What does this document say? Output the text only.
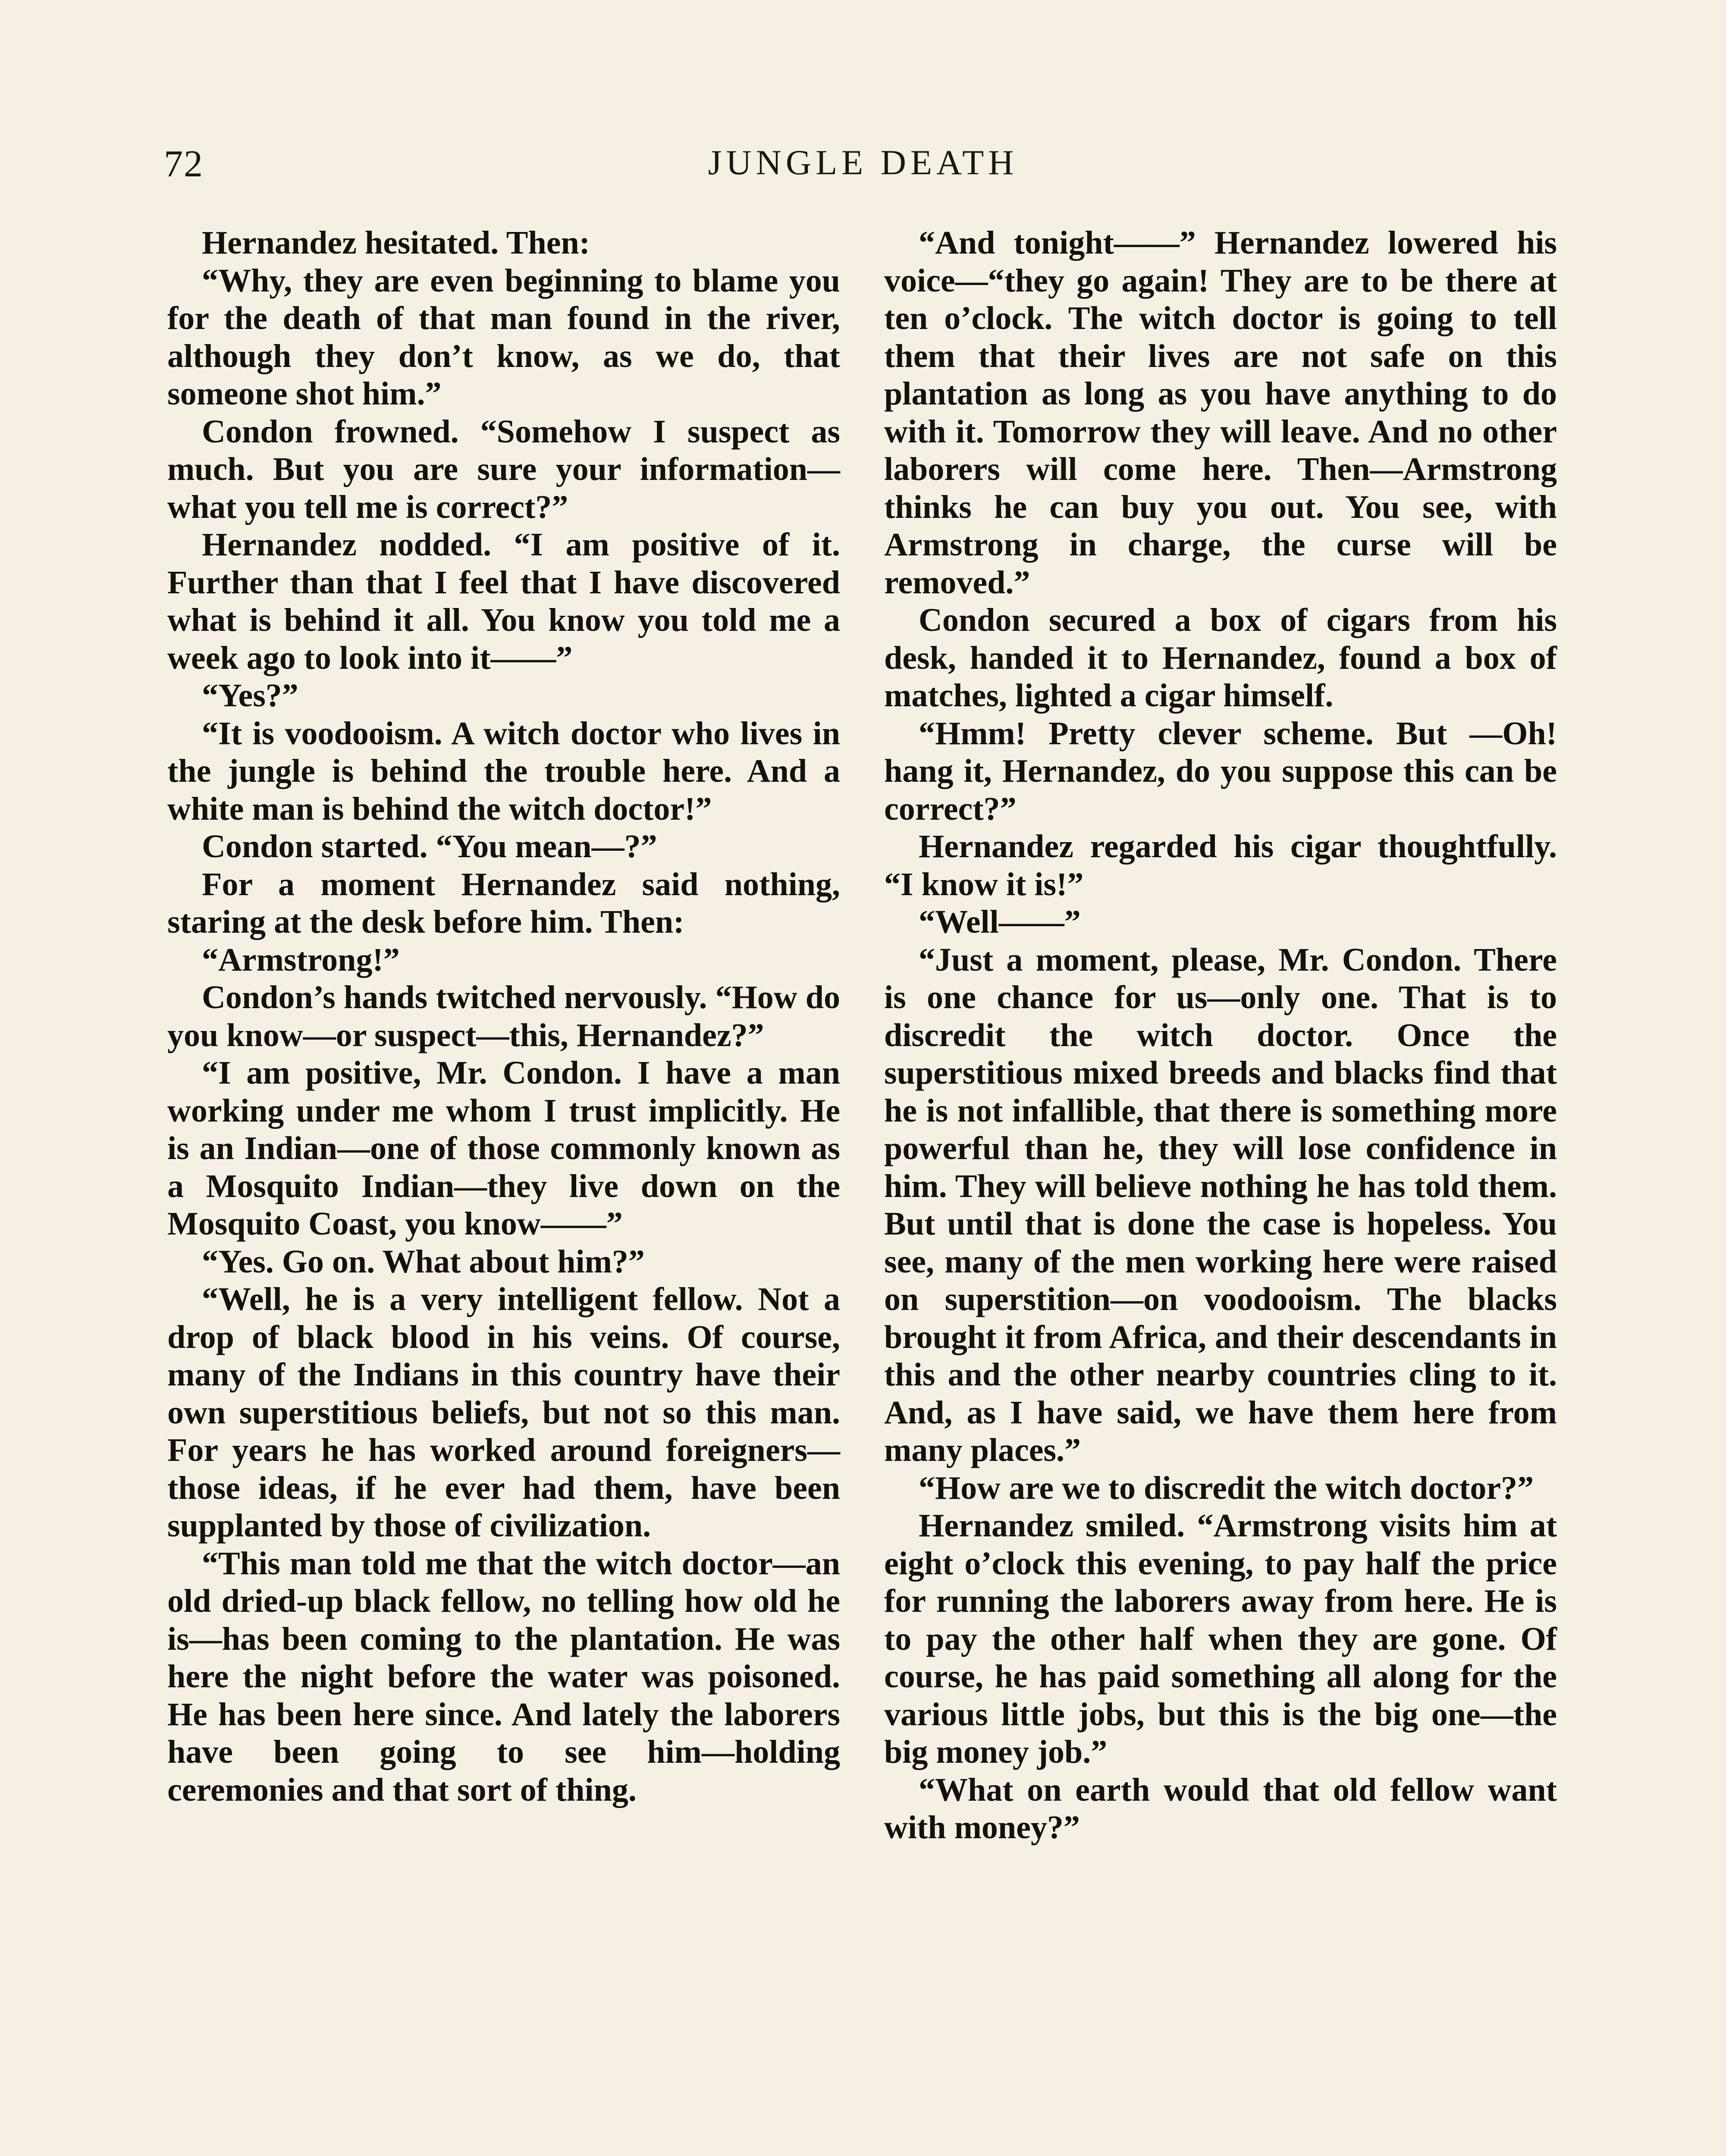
72	JUNGLE DEATH

Hernandez hesitated. Then:

“Why, they are even beginning to blame you for the death of that man found in the river, although they don’t know, as we do, that someone shot him.”

Condon frowned. “Somehow I suspect as much. But you are sure your information—what you tell me is correct?”

Hernandez nodded. “I am positive of it. Further than that I feel that I have discovered what is behind it all. You know you told me a week ago to look into it——”

“Yes?”

“It is voodooism. A witch doctor who lives in the jungle is behind the trouble here. And a white man is behind the witch doctor!”

Condon started. “You mean—?”

For a moment Hernandez said nothing, staring at the desk before him. Then:

“Armstrong!”

Condon’s hands twitched nervously. “How do you know—or suspect—this, Hernandez?”

“I am positive, Mr. Condon. I have a man working under me whom I trust implicitly. He is an Indian—one of those commonly known as a Mosquito Indian—they live down on the Mosquito Coast, you know——”

“Yes. Go on. What about him?”

“Well, he is a very intelligent fellow. Not a drop of black blood in his veins. Of course, many of the Indians in this country have their own superstitious beliefs, but not so this man. For years he has worked around foreigners—those ideas, if he ever had them, have been supplanted by those of civilization.

“This man told me that the witch doctor—an old dried-up black fellow, no telling how old he is—has been coming to the plantation. He was here the night before the water was poisoned. He has been here since. And lately the laborers have been going to see him—holding ceremonies and that sort of thing.

“And tonight——” Hernandez lowered his voice—“they go again! They are to be there at ten o’clock. The witch doctor is going to tell them that their lives are not safe on this plantation as long as you have anything to do with it. Tomorrow they will leave. And no other laborers will come here. Then—Armstrong thinks he can buy you out. You see, with Armstrong in charge, the curse will be removed.”

Condon secured a box of cigars from his desk, handed it to Hernandez, found a box of matches, lighted a cigar himself.

“Hmm! Pretty clever scheme. But —Oh! hang it, Hernandez, do you suppose this can be correct?”

Hernandez regarded his cigar thoughtfully. “I know it is!”

“Well——”

“Just a moment, please, Mr. Condon. There is one chance for us—only one. That is to discredit the witch doctor. Once the superstitious mixed breeds and blacks find that he is not infallible, that there is something more powerful than he, they will lose confidence in him. They will believe nothing he has told them. But until that is done the case is hopeless. You see, many of the men working here were raised on superstition—on voodooism. The blacks brought it from Africa, and their descendants in this and the other nearby countries cling to it. And, as I have said, we have them here from many places.”

“How are we to discredit the witch doctor?”

Hernandez smiled. “Armstrong visits him at eight o’clock this evening, to pay half the price for running the laborers away from here. He is to pay the other half when they are gone. Of course, he has paid something all along for the various little jobs, but this is the big one—the big money job.”

“What on earth would that old fellow want with money?”
